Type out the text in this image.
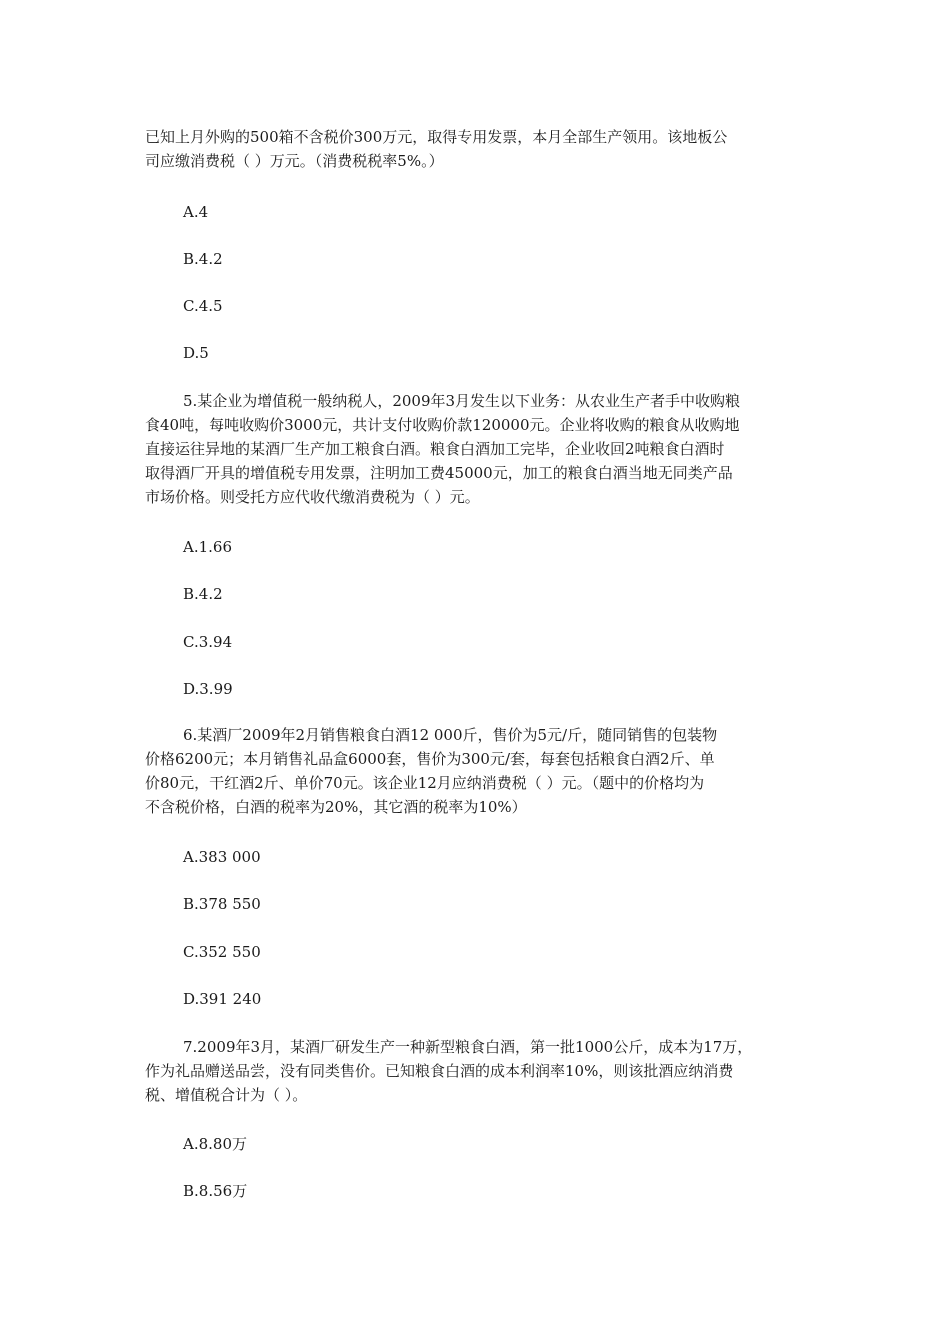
已知上月外购的500箱不含税价300万元，取得专用发票，本月全部生产领用。该地板公
司应缴消费税（ ）万元。（消费税税率5%。）
A.4
B.4.2
C.4.5
D.5
5.某企业为增值税一般纳税人，2009年3月发生以下业务：从农业生产者手中收购粮
食40吨，每吨收购价3000元，共计支付收购价款120000元。企业将收购的粮食从收购地
直接运往异地的某酒厂生产加工粮食白酒。粮食白酒加工完毕，企业收回2吨粮食白酒时
取得酒厂开具的增值税专用发票，注明加工费45000元，加工的粮食白酒当地无同类产品
市场价格。则受托方应代收代缴消费税为（ ）元。
A.1.66
B.4.2
C.3.94
D.3.99
6.某酒厂2009年2月销售粮食白酒12 000斤，售价为5元/斤，随同销售的包装物
价格6200元；本月销售礼品盒6000套，售价为300元/套，每套包括粮食白酒2斤、单
价80元，干红酒2斤、单价70元。该企业12月应纳消费税（ ）元。（题中的价格均为
不含税价格，白酒的税率为20%，其它酒的税率为10%）
A.383 000
B.378 550
C.352 550
D.391 240
7.2009年3月，某酒厂研发生产一种新型粮食白酒，第一批1000公斤，成本为17万，
作为礼品赠送品尝，没有同类售价。已知粮食白酒的成本利润率10%，则该批酒应纳消费
税、增值税合计为（ ）。
A.8.80万
B.8.56万
